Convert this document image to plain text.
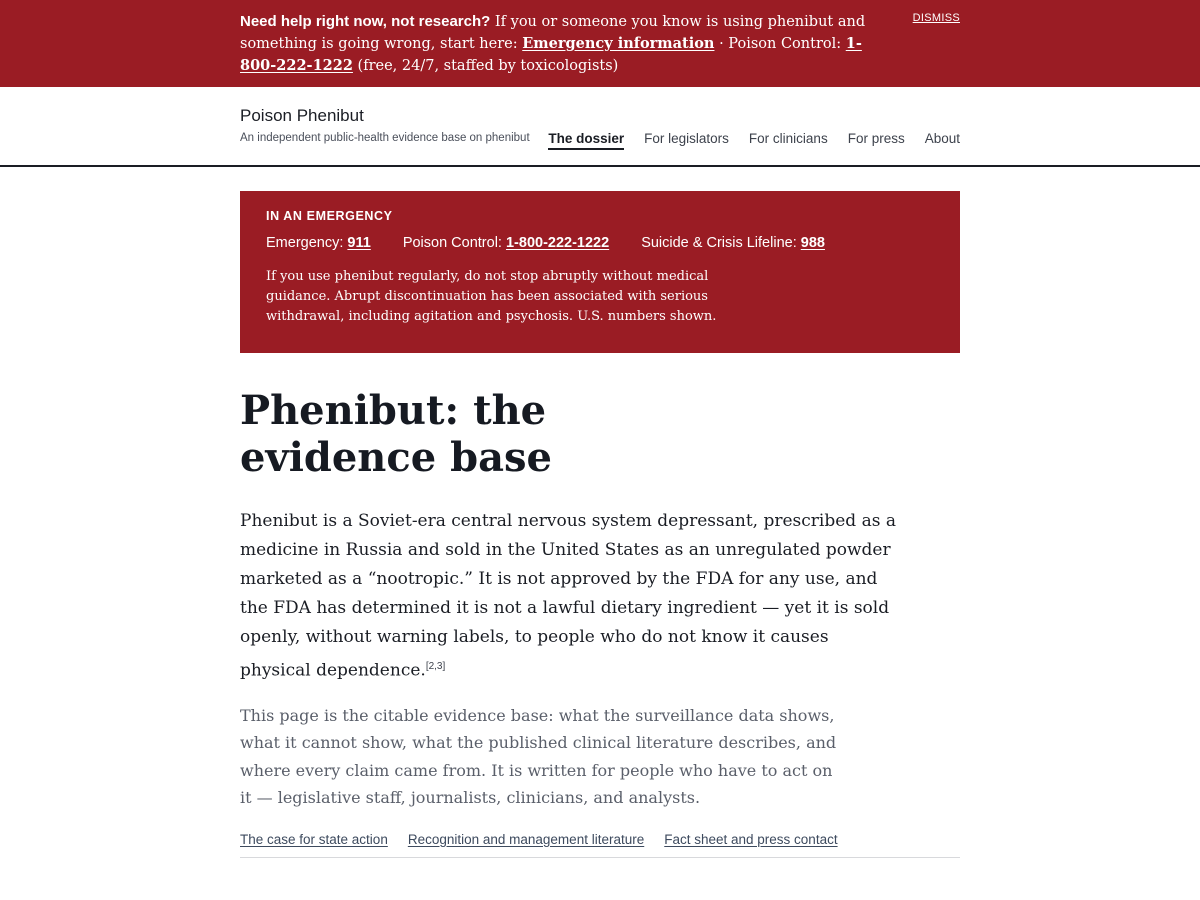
Need help right now, not research? If you or someone you know is using phenibut and something is going wrong, start here: Emergency information · Poison Control: 1-800-222-1222 (free, 24/7, staffed by toxicologists)
DISMISS
Poison Phenibut
An independent public-health evidence base on phenibut The dossier For legislators For clinicians For press About
IN AN EMERGENCY
Emergency: 911 Poison Control: 1-800-222-1222 Suicide & Crisis Lifeline: 988
If you use phenibut regularly, do not stop abruptly without medical guidance. Abrupt discontinuation has been associated with serious withdrawal, including agitation and psychosis. U.S. numbers shown.
Phenibut: the evidence base

Phenibut is a Soviet-era central nervous system depressant, prescribed as a medicine in Russia and sold in the United States as an unregulated powder marketed as a “nootropic.” It is not approved by the FDA for any use, and the FDA has determined it is not a lawful dietary ingredient — yet it is sold openly, without warning labels, to people who do not know it causes physical dependence.[2,3]

This page is the citable evidence base: what the surveillance data shows, what it cannot show, what the published clinical literature describes, and where every claim came from. It is written for people who have to act on it — legislative staff, journalists, clinicians, and analysts.

The case for state action Recognition and management literature Fact sheet and press contact
